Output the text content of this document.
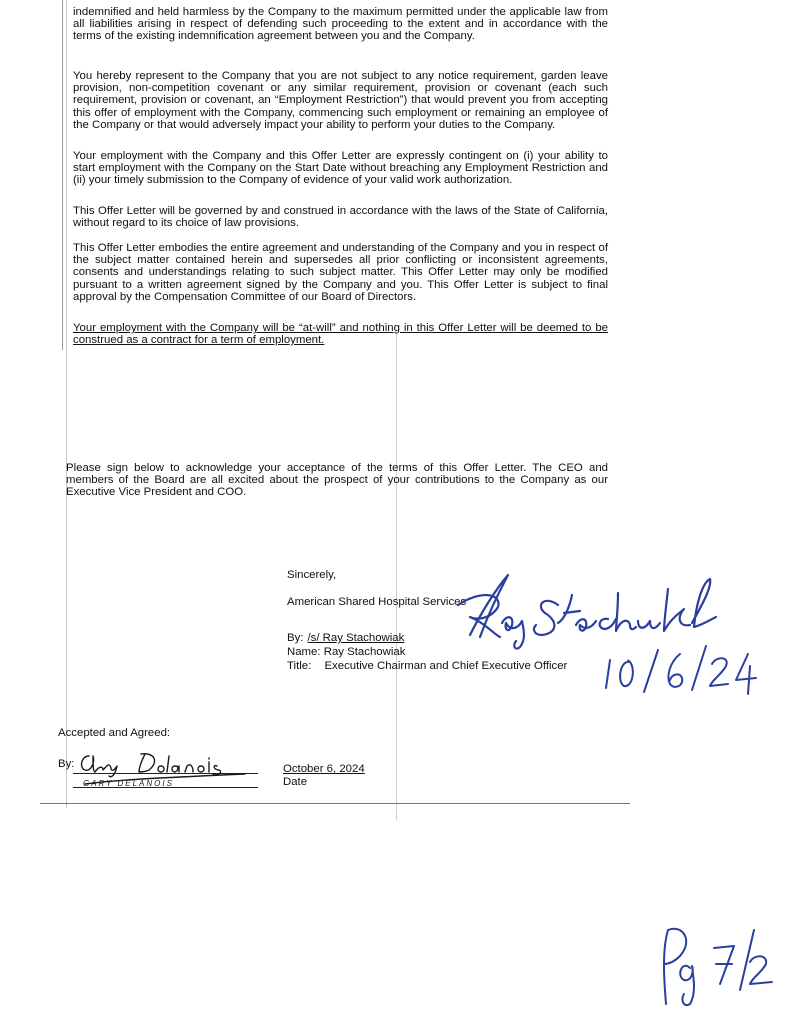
indemnified and held harmless by the Company to the maximum permitted under the applicable law from all liabilities arising in respect of defending such proceeding to the extent and in accordance with the terms of the existing indemnification agreement between you and the Company.
You hereby represent to the Company that you are not subject to any notice requirement, garden leave provision, non-competition covenant or any similar requirement, provision or covenant (each such requirement, provision or covenant, an “Employment Restriction”) that would prevent you from accepting this offer of employment with the Company, commencing such employment or remaining an employee of the Company or that would adversely impact your ability to perform your duties to the Company.
Your employment with the Company and this Offer Letter are expressly contingent on (i) your ability to start employment with the Company on the Start Date without breaching any Employment Restriction and (ii) your timely submission to the Company of evidence of your valid work authorization.
This Offer Letter will be governed by and construed in accordance with the laws of the State of California, without regard to its choice of law provisions.
This Offer Letter embodies the entire agreement and understanding of the Company and you in respect of the subject matter contained herein and supersedes all prior conflicting or inconsistent agreements, consents and understandings relating to such subject matter. This Offer Letter may only be modified pursuant to a written agreement signed by the Company and you. This Offer Letter is subject to final approval by the Compensation Committee of our Board of Directors.
Your employment with the Company will be “at-will” and nothing in this Offer Letter will be deemed to be construed as a contract for a term of employment.
Please sign below to acknowledge your acceptance of the terms of this Offer Letter. The CEO and members of the Board are all excited about the prospect of your contributions to the Company as our Executive Vice President and COO.
Sincerely,
American Shared Hospital Services
By: /s/ Ray Stachowiak
Name: Ray Stachowiak
Title: Executive Chairman and Chief Executive Officer
Accepted and Agreed:
By:
GARY DELANOIS
October 6, 2024
Date
